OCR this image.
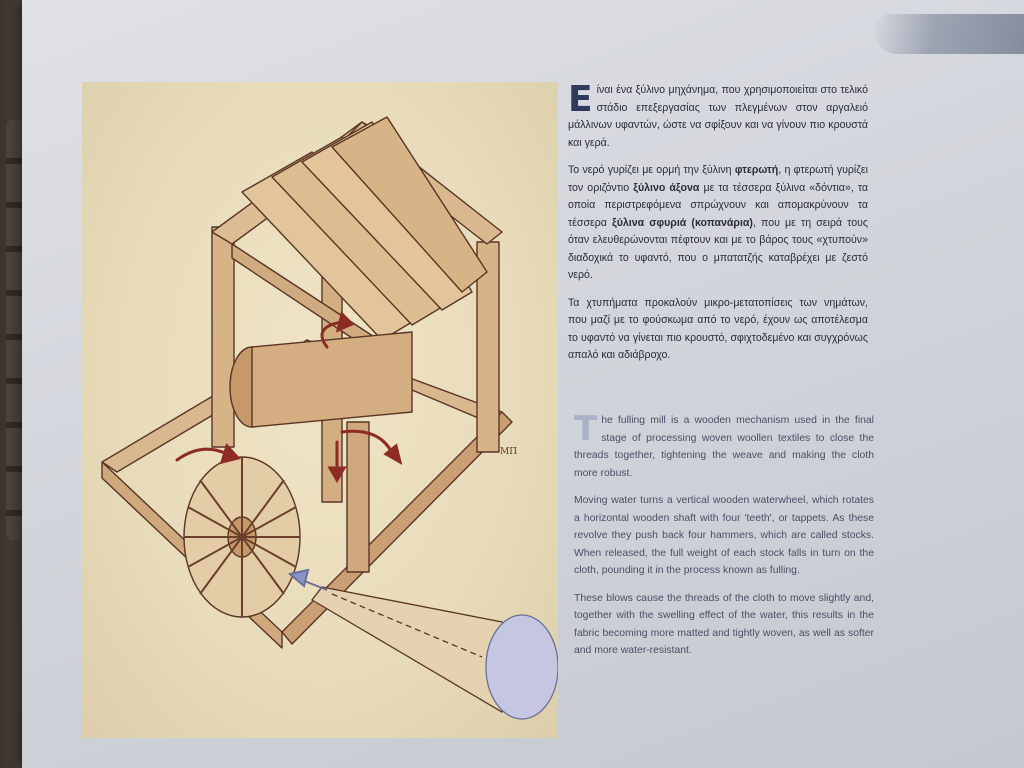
ΜΠ

Είναι ένα ξύλινο μηχάνημα, που χρησιμοποιείται στο τελικό στάδιο επεξεργασίας των πλεγμένων στον αργαλειό μάλλινων υφαντών, ώστε να σφίξουν και να γίνουν πιο κρουστά και γερά.

Το νερό γυρίζει με ορμή την ξύλινη φτερωτή, η φτερωτή γυρίζει τον οριζόντιο ξύλινο άξονα με τα τέσσερα ξύλινα «δόντια», τα οποία περιστρεφόμενα σπρώχνουν και απομακρύνουν τα τέσσερα ξύλινα σφυριά (κοπανάρια), που με τη σειρά τους όταν ελευθερώνονται πέφτουν και με το βάρος τους «χτυπούν» διαδοχικά το υφαντό, που ο μπατατζής καταβρέχει με ζεστό νερό.

Τα χτυπήματα προκαλούν μικρο-μετατοπίσεις των νημάτων, που μαζί με το φούσκωμα από το νερό, έχουν ως αποτέλεσμα το υφαντό να γίνεται πιο κρουστό, σφιχτοδεμένο και συγχρόνως απαλό και αδιάβροχο.

The fulling mill is a wooden mechanism used in the final stage of processing woven woollen textiles to close the threads together, tightening the weave and making the cloth more robust.

Moving water turns a vertical wooden waterwheel, which rotates a horizontal wooden shaft with four 'teeth', or tappets. As these revolve they push back four hammers, which are called stocks. When released, the full weight of each stock falls in turn on the cloth, pounding it in the process known as fulling.

These blows cause the threads of the cloth to move slightly and, together with the swelling effect of the water, this results in the fabric becoming more matted and tightly woven, as well as softer and more water-resistant.
